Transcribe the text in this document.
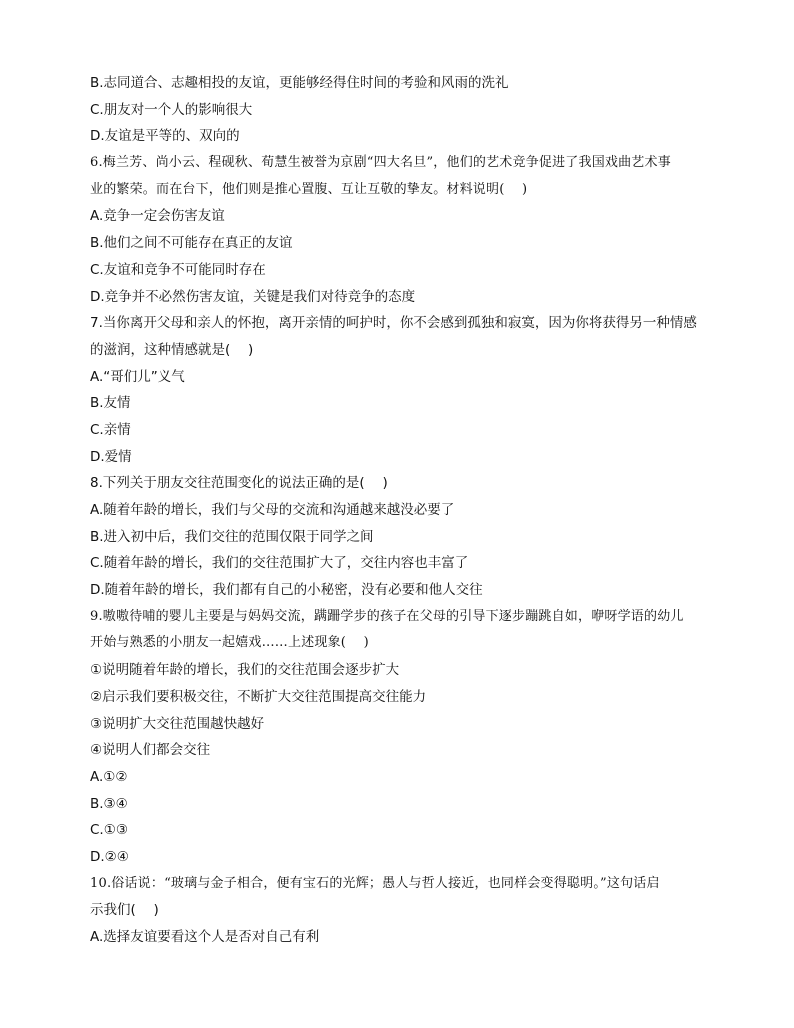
B.志同道合、志趣相投的友谊，更能够经得住时间的考验和风雨的洗礼
C.朋友对一个人的影响很大
D.友谊是平等的、双向的
6.梅兰芳、尚小云、程砚秋、荀慧生被誉为京剧“四大名旦”，他们的艺术竞争促进了我国戏曲艺术事
业的繁荣。而在台下，他们则是推心置腹、互让互敬的挚友。材料说明(　 )
A.竞争一定会伤害友谊
B.他们之间不可能存在真正的友谊
C.友谊和竞争不可能同时存在
D.竞争并不必然伤害友谊，关键是我们对待竞争的态度
7.当你离开父母和亲人的怀抱，离开亲情的呵护时，你不会感到孤独和寂寞，因为你将获得另一种情感
的滋润，这种情感就是(　 )
A.“哥们儿”义气
B.友情
C.亲情
D.爱情
8.下列关于朋友交往范围变化的说法正确的是(　 )
A.随着年龄的增长，我们与父母的交流和沟通越来越没必要了
B.进入初中后，我们交往的范围仅限于同学之间
C.随着年龄的增长，我们的交往范围扩大了，交往内容也丰富了
D.随着年龄的增长，我们都有自己的小秘密，没有必要和他人交往
9.嗷嗷待哺的婴儿主要是与妈妈交流，蹒跚学步的孩子在父母的引导下逐步蹦跳自如，咿呀学语的幼儿
开始与熟悉的小朋友一起嬉戏……上述现象(　 )
①说明随着年龄的增长，我们的交往范围会逐步扩大
②启示我们要积极交往，不断扩大交往范围提高交往能力
③说明扩大交往范围越快越好
④说明人们都会交往
A.①②
B.③④
C.①③
D.②④
10.俗话说：“玻璃与金子相合，便有宝石的光辉；愚人与哲人接近，也同样会变得聪明。”这句话启
示我们(　 )
A.选择友谊要看这个人是否对自己有利
